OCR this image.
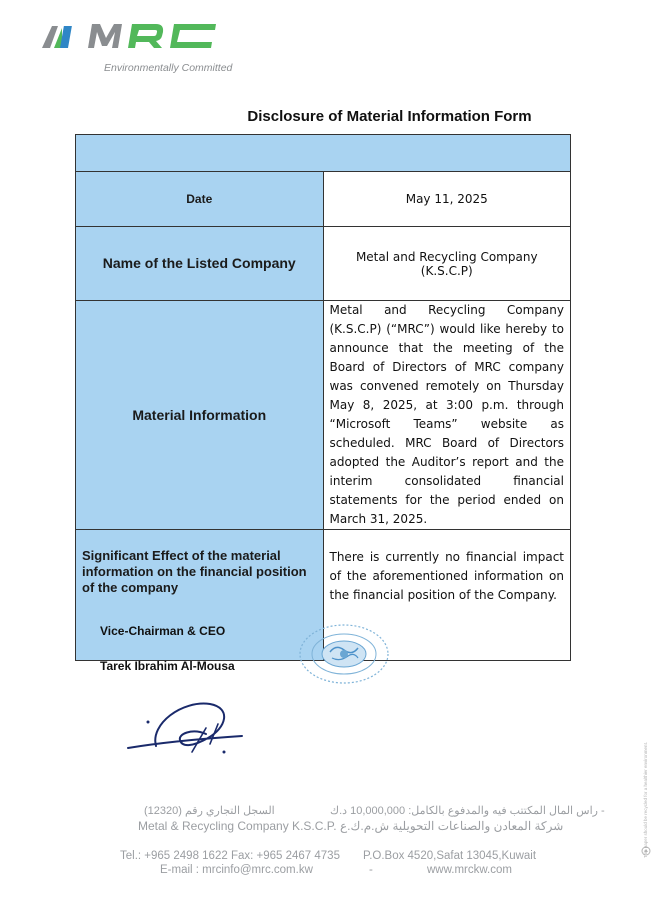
Environmentally Committed
Disclosure of Material Information Form

Date	May 11, 2025
Name of the Listed Company	Metal and Recycling Company (K.S.C.P)
Material Information	Metal and Recycling Company (K.S.C.P) (“MRC”) would like hereby to announce that the meeting of the Board of Directors of MRC company was convened remotely on Thursday May 8, 2025, at 3:00 p.m. through “Microsoft Teams” website as scheduled. MRC Board of Directors adopted the Auditor’s report and the interim consolidated financial statements for the period ended on March 31, 2025.
Significant Effect of the material information on the financial position of the company	There is currently no financial impact of the aforementioned information on the financial position of the Company.
Vice-Chairman & CEO
Tarek Ibrahim Al-Mousa
راس المال المكتتب فيه والمدفوع بالكامل: 10,000,000 د.ك -
السجل التجاري رقم (12320)
Metal & Recycling Company K.S.C.P. شركة المعادن والصناعات التحويلية ش.م.ك.ع
Tel.: +965 2498 1622 Fax: +965 2467 4735 P.O.Box 4520,Safat 13045,Kuwait
E-mail : mrcinfo@mrc.com.kw	-	www.mrckw.com
This paper should be recycled for a healthier environment.
